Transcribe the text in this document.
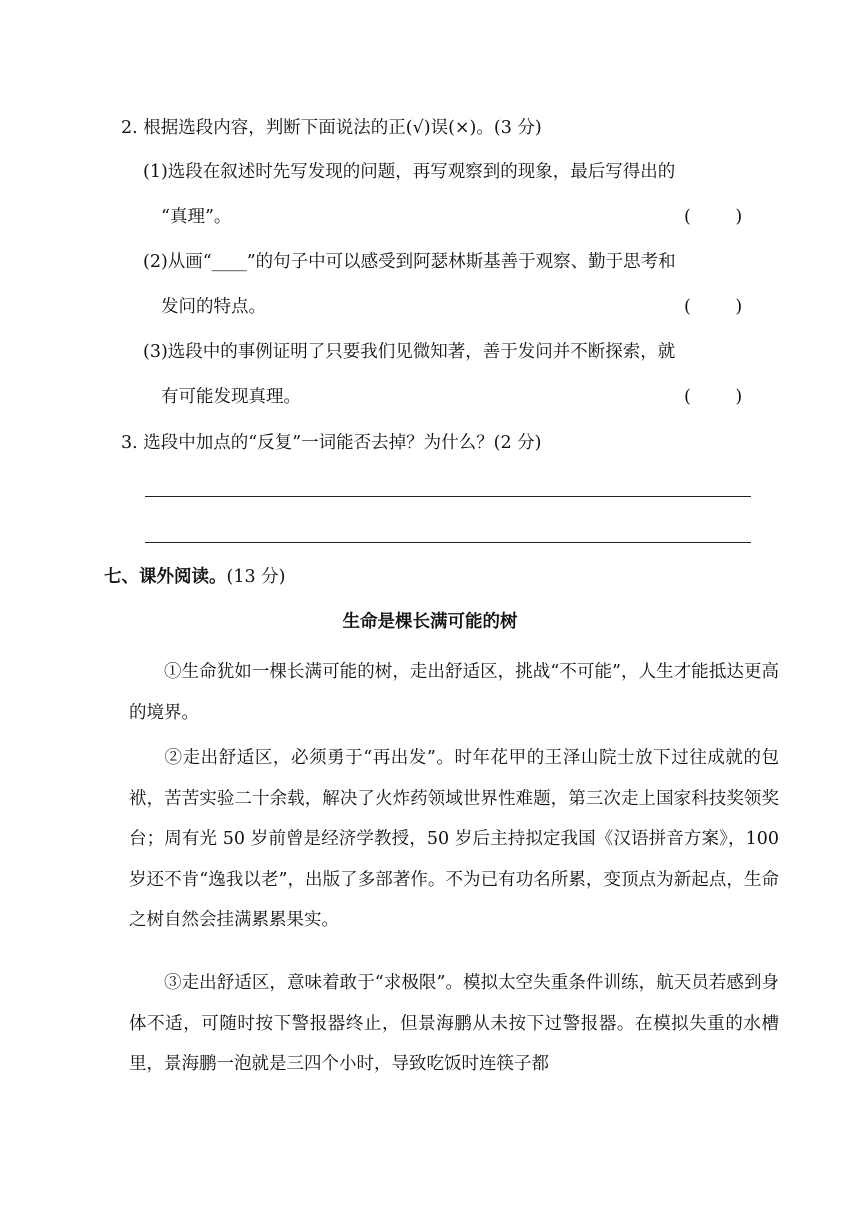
2. 根据选段内容，判断下面说法的正(√)误(×)。(3 分)
(1)选段在叙述时先写发现的问题，再写观察到的现象，最后写得出的
“真理”。	(        )
(2)从画“____”的句子中可以感受到阿瑟林斯基善于观察、勤于思考和
发问的特点。	(        )
(3)选段中的事例证明了只要我们见微知著，善于发问并不断探索，就
有可能发现真理。	(        )
3. 选段中加点的“反复”一词能否去掉？为什么？(2 分)
七、课外阅读。(13 分)
生命是棵长满可能的树
①生命犹如一棵长满可能的树，走出舒适区，挑战“不可能”，人生才能抵达更高的境界。
②走出舒适区，必须勇于“再出发”。时年花甲的王泽山院士放下过往成就的包袱，苦苦实验二十余载，解决了火炸药领域世界性难题，第三次走上国家科技奖领奖台；周有光 50 岁前曾是经济学教授，50 岁后主持拟定我国《汉语拼音方案》，100 岁还不肯“逸我以老”，出版了多部著作。不为已有功名所累，变顶点为新起点，生命之树自然会挂满累累果实。
③走出舒适区，意味着敢于“求极限”。模拟太空失重条件训练，航天员若感到身体不适，可随时按下警报器终止，但景海鹏从未按下过警报器。在模拟失重的水槽里，景海鹏一泡就是三四个小时，导致吃饭时连筷子都
